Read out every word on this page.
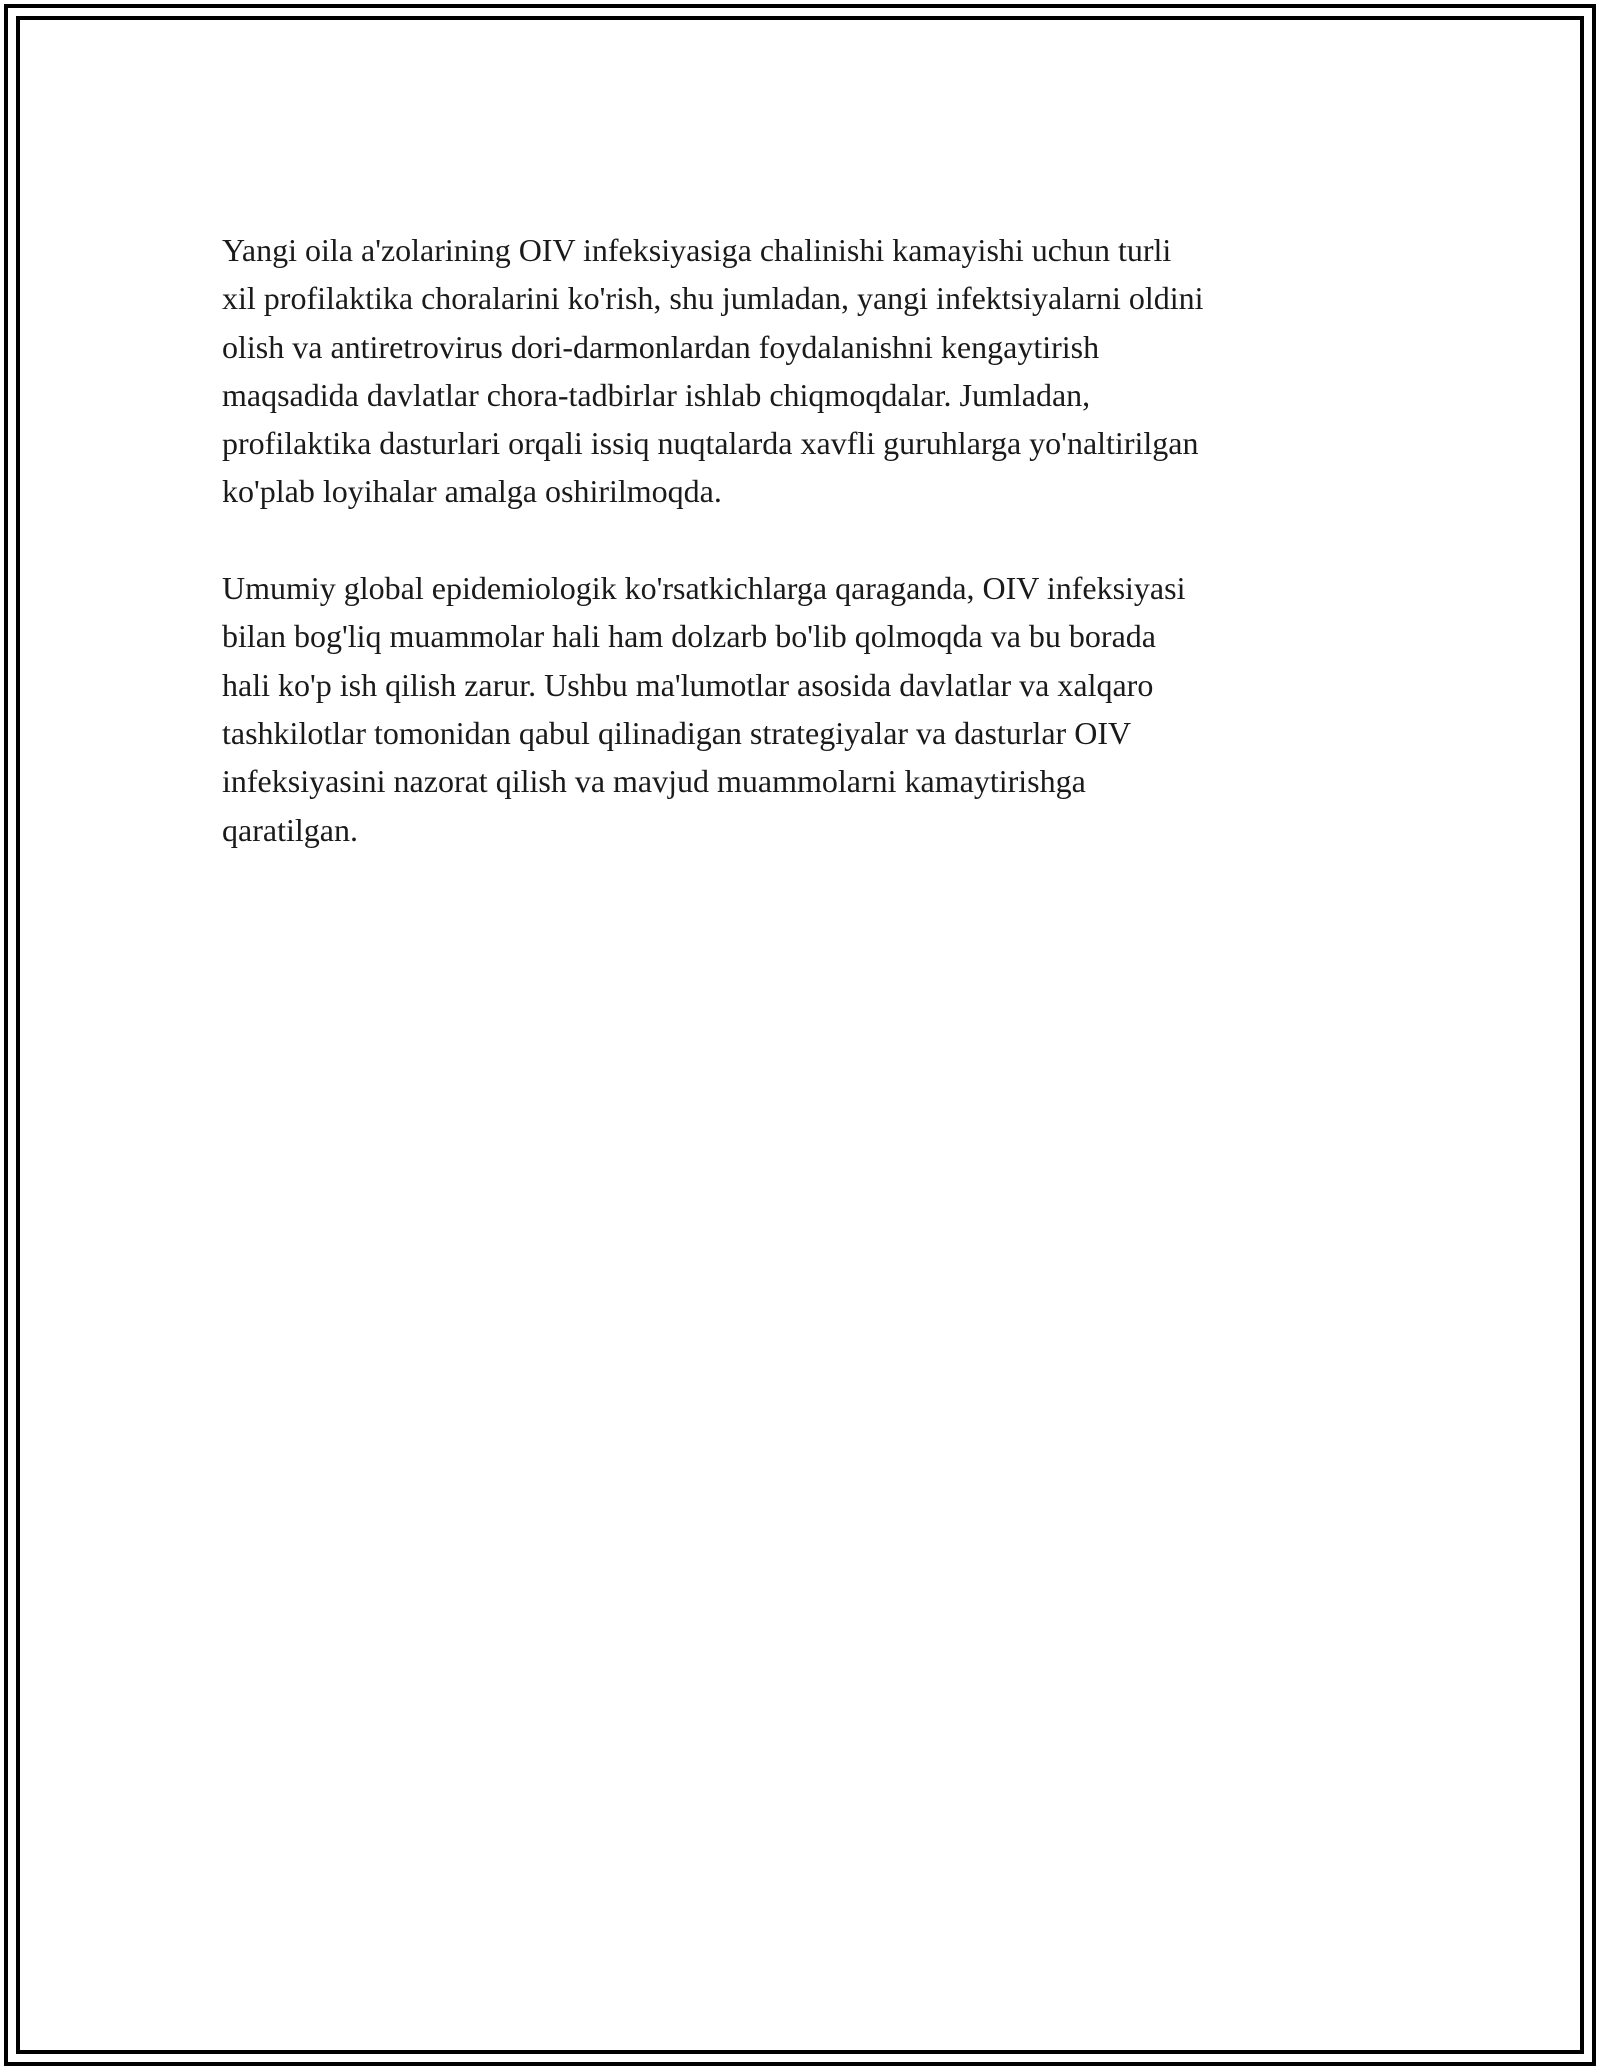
Yangi oila a'zolarining OIV infeksiyasiga chalinishi kamayishi uchun turli
xil profilaktika choralarini ko'rish, shu jumladan, yangi infektsiyalarni oldini
olish va antiretrovirus dori-darmonlardan foydalanishni kengaytirish
maqsadida davlatlar chora-tadbirlar ishlab chiqmoqdalar. Jumladan,
profilaktika dasturlari orqali issiq nuqtalarda xavfli guruhlarga yo'naltirilgan
ko'plab loyihalar amalga oshirilmoqda.
Umumiy global epidemiologik ko'rsatkichlarga qaraganda, OIV infeksiyasi
bilan bog'liq muammolar hali ham dolzarb bo'lib qolmoqda va bu borada
hali ko'p ish qilish zarur. Ushbu ma'lumotlar asosida davlatlar va xalqaro
tashkilotlar tomonidan qabul qilinadigan strategiyalar va dasturlar OIV
infeksiyasini nazorat qilish va mavjud muammolarni kamaytirishga
qaratilgan.
